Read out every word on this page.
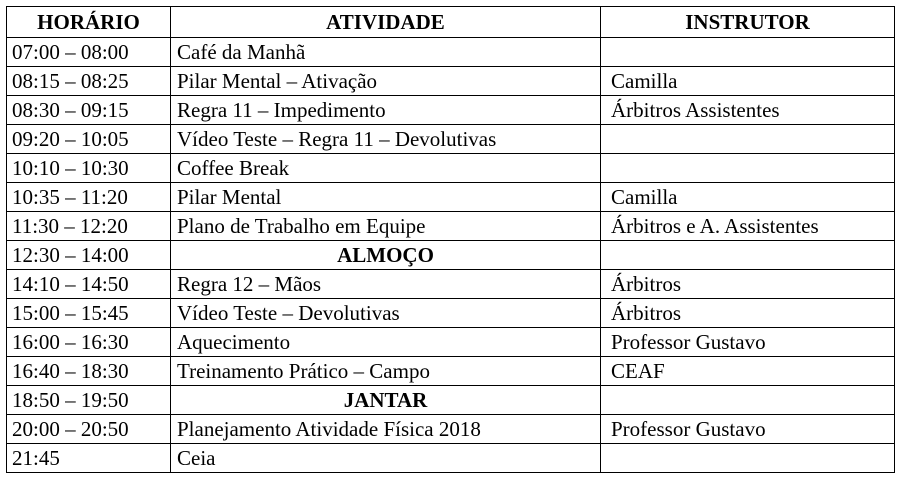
HORÁRIO	ATIVIDADE	INSTRUTOR
07:00 – 08:00	Café da Manhã	
08:15 – 08:25	Pilar Mental – Ativação	Camilla
08:30 – 09:15	Regra 11 – Impedimento	Árbitros Assistentes
09:20 – 10:05	Vídeo Teste – Regra 11 – Devolutivas	
10:10 – 10:30	Coffee Break	
10:35 – 11:20	Pilar Mental	Camilla
11:30 – 12:20	Plano de Trabalho em Equipe	Árbitros e A. Assistentes
12:30 – 14:00	ALMOÇO	
14:10 – 14:50	Regra 12 – Mãos	Árbitros
15:00 – 15:45	Vídeo Teste – Devolutivas	Árbitros
16:00 – 16:30	Aquecimento	Professor Gustavo
16:40 – 18:30	Treinamento Prático – Campo	CEAF
18:50 – 19:50	JANTAR	
20:00 – 20:50	Planejamento Atividade Física 2018	Professor Gustavo
21:45	Ceia	
